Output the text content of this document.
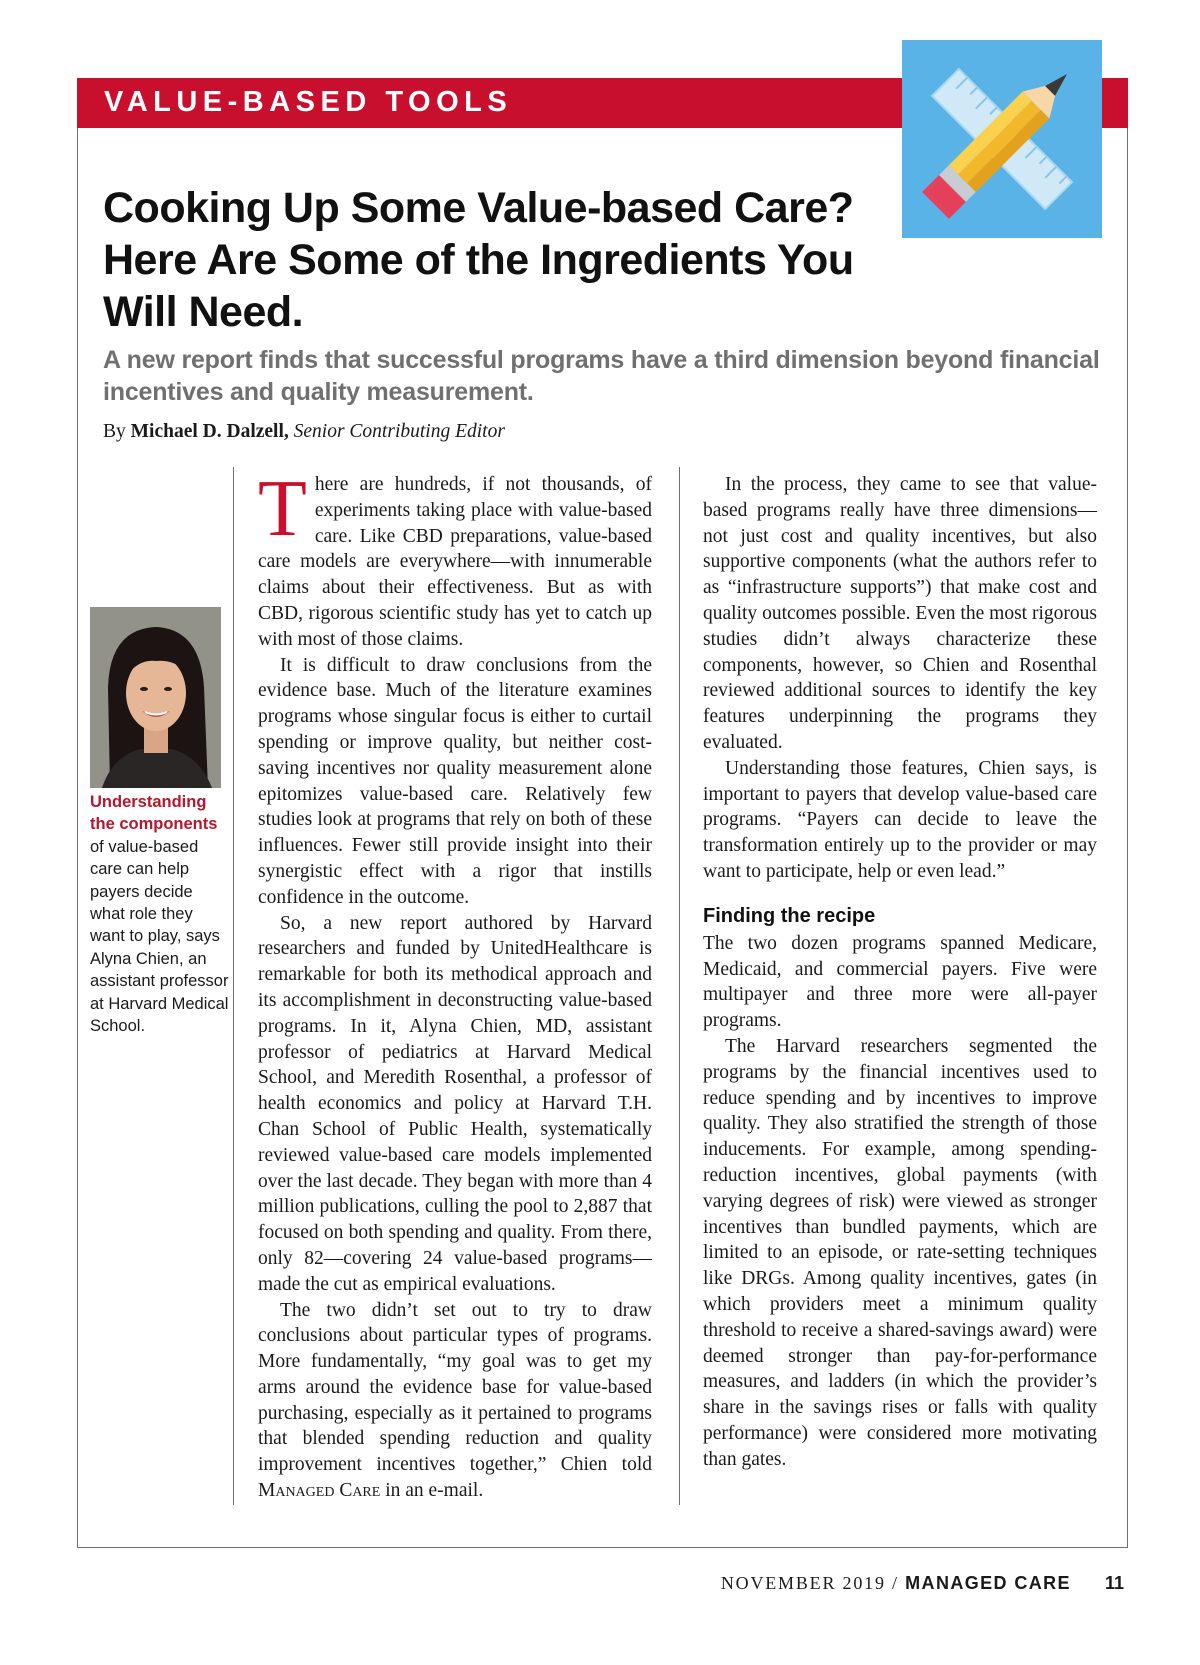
VALUE-BASED TOOLS
Cooking Up Some Value-based Care? Here Are Some of the Ingredients You Will Need.
A new report finds that successful programs have a third dimension beyond financial incentives and quality measurement.
By Michael D. Dalzell, Senior Contributing Editor
Understanding the components of value-based care can help payers decide what role they want to play, says Alyna Chien, an assistant professor at Harvard Medical School.

There are hundreds, if not thousands, of experiments taking place with value-based care. Like CBD preparations, value-based care models are everywhere—with innumerable claims about their effectiveness. But as with CBD, rigorous scientific study has yet to catch up with most of those claims.

It is difficult to draw conclusions from the evidence base. Much of the literature examines programs whose singular focus is either to curtail spending or improve quality, but neither cost-saving incentives nor quality measurement alone epitomizes value-based care. Relatively few studies look at programs that rely on both of these influences. Fewer still provide insight into their synergistic effect with a rigor that instills confidence in the outcome.

So, a new report authored by Harvard researchers and funded by UnitedHealthcare is remarkable for both its methodical approach and its accomplishment in deconstructing value-based programs. In it, Alyna Chien, MD, assistant professor of pediatrics at Harvard Medical School, and Meredith Rosenthal, a professor of health economics and policy at Harvard T.H. Chan School of Public Health, systematically reviewed value-based care models implemented over the last decade. They began with more than 4 million publications, culling the pool to 2,887 that focused on both spending and quality. From there, only 82—covering 24 value-based programs—made the cut as empirical evaluations.

The two didn’t set out to try to draw conclusions about particular types of programs. More fundamentally, “my goal was to get my arms around the evidence base for value-based purchasing, especially as it pertained to programs that blended spending reduction and quality improvement incentives together,” Chien told Managed Care in an e-mail.

In the process, they came to see that value-based programs really have three dimensions—not just cost and quality incentives, but also supportive components (what the authors refer to as “infrastructure supports”) that make cost and quality outcomes possible. Even the most rigorous studies didn’t always characterize these components, however, so Chien and Rosenthal reviewed additional sources to identify the key features underpinning the programs they evaluated.

Understanding those features, Chien says, is important to payers that develop value-based care programs. “Payers can decide to leave the transformation entirely up to the provider or may want to participate, help or even lead.”

Finding the recipe

The two dozen programs spanned Medicare, Medicaid, and commercial payers. Five were multipayer and three more were all-payer programs.

The Harvard researchers segmented the programs by the financial incentives used to reduce spending and by incentives to improve quality. They also stratified the strength of those inducements. For example, among spending-reduction incentives, global payments (with varying degrees of risk) were viewed as stronger incentives than bundled payments, which are limited to an episode, or rate-setting techniques like DRGs. Among quality incentives, gates (in which providers meet a minimum quality threshold to receive a shared-savings award) were deemed stronger than pay-for-performance measures, and ladders (in which the provider’s share in the savings rises or falls with quality performance) were considered more motivating than gates.

NOVEMBER 2019 / MANAGED CARE 11
